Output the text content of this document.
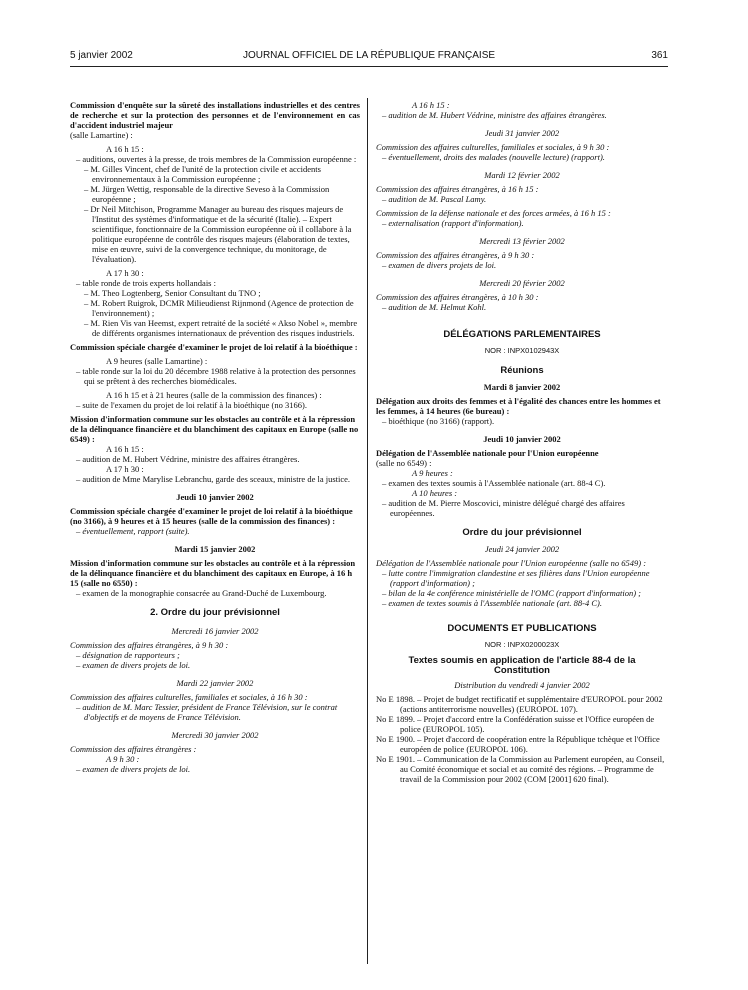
5 janvier 2002	JOURNAL OFFICIEL DE LA RÉPUBLIQUE FRANÇAISE	361

Commission d'enquête sur la sûreté des installations industrielles et des centres de recherche et sur la protection des personnes et de l'environnement en cas d'accident industriel majeur

(salle Lamartine) :

A 16 h 15 :

– auditions, ouvertes à la presse, de trois membres de la Commission européenne :

– M. Gilles Vincent, chef de l'unité de la protection civile et accidents environnementaux à la Commission européenne ;

– M. Jürgen Wettig, responsable de la directive Seveso à la Commission européenne ;

– Dr Neil Mitchison, Programme Manager au bureau des risques majeurs de l'Institut des systèmes d'informatique et de la sécurité (Italie). – Expert scientifique, fonctionnaire de la Commission européenne où il collabore à la politique européenne de contrôle des risques majeurs (élaboration de textes, mise en œuvre, suivi de la convergence technique, du monitorage, de l'évaluation).

A 17 h 30 :

– table ronde de trois experts hollandais :

– M. Theo Logtenberg, Senior Consultant du TNO ;

– M. Robert Ruigrok, DCMR Milieudienst Rijnmond (Agence de protection de l'environnement) ;

– M. Rien Vis van Heemst, expert retraité de la société « Akso Nobel », membre de différents organismes internationaux de prévention des risques industriels.

Commission spéciale chargée d'examiner le projet de loi relatif à la bioéthique :

A 9 heures (salle Lamartine) :

– table ronde sur la loi du 20 décembre 1988 relative à la protection des personnes qui se prêtent à des recherches biomédicales.

A 16 h 15 et à 21 heures (salle de la commission des finances) :

– suite de l'examen du projet de loi relatif à la bioéthique (no 3166).

Mission d'information commune sur les obstacles au contrôle et à la répression de la délinquance financière et du blanchiment des capitaux en Europe (salle no 6549) :

A 16 h 15 :

– audition de M. Hubert Védrine, ministre des affaires étrangères.

A 17 h 30 :

– audition de Mme Marylise Lebranchu, garde des sceaux, ministre de la justice.

Jeudi 10 janvier 2002

Commission spéciale chargée d'examiner le projet de loi relatif à la bioéthique (no 3166), à 9 heures et à 15 heures (salle de la commission des finances) :

– éventuellement, rapport (suite).

Mardi 15 janvier 2002

Mission d'information commune sur les obstacles au contrôle et à la répression de la délinquance financière et du blanchiment des capitaux en Europe, à 16 h 15 (salle no 6550) :

– examen de la monographie consacrée au Grand-Duché de Luxembourg.

2. Ordre du jour prévisionnel

Mercredi 16 janvier 2002

Commission des affaires étrangères, à 9 h 30 :

– désignation de rapporteurs ;

– examen de divers projets de loi.

Mardi 22 janvier 2002

Commission des affaires culturelles, familiales et sociales, à 16 h 30 :

– audition de M. Marc Tessier, président de France Télévision, sur le contrat d'objectifs et de moyens de France Télévision.

Mercredi 30 janvier 2002

Commission des affaires étrangères :

A 9 h 30 :

– examen de divers projets de loi.

A 16 h 15 :

– audition de M. Hubert Védrine, ministre des affaires étrangères.

Jeudi 31 janvier 2002

Commission des affaires culturelles, familiales et sociales, à 9 h 30 :

– éventuellement, droits des malades (nouvelle lecture) (rapport).

Mardi 12 février 2002

Commission des affaires étrangères, à 16 h 15 :

– audition de M. Pascal Lamy.

Commission de la défense nationale et des forces armées, à 16 h 15 :

– externalisation (rapport d'information).

Mercredi 13 février 2002

Commission des affaires étrangères, à 9 h 30 :

– examen de divers projets de loi.

Mercredi 20 février 2002

Commission des affaires étrangères, à 10 h 30 :

– audition de M. Helmut Kohl.

DÉLÉGATIONS PARLEMENTAIRES

NOR : INPX0102943X

Réunions

Mardi 8 janvier 2002

Délégation aux droits des femmes et à l'égalité des chances entre les hommes et les femmes, à 14 heures (6e bureau) :

– bioéthique (no 3166) (rapport).

Jeudi 10 janvier 2002

Délégation de l'Assemblée nationale pour l'Union européenne

(salle no 6549) :

A 9 heures :

– examen des textes soumis à l'Assemblée nationale (art. 88-4 C).

A 10 heures :

– audition de M. Pierre Moscovici, ministre délégué chargé des affaires européennes.

Ordre du jour prévisionnel

Jeudi 24 janvier 2002

Délégation de l'Assemblée nationale pour l'Union européenne (salle no 6549) :

– lutte contre l'immigration clandestine et ses filières dans l'Union européenne (rapport d'information) ;

– bilan de la 4e conférence ministérielle de l'OMC (rapport d'information) ;

– examen de textes soumis à l'Assemblée nationale (art. 88-4 C).

DOCUMENTS ET PUBLICATIONS

NOR : INPX0200023X

Textes soumis en application de l'article 88-4 de la Constitution

Distribution du vendredi 4 janvier 2002

No E 1898. – Projet de budget rectificatif et supplémentaire d'EUROPOL pour 2002 (actions antiterrorisme nouvelles) (EUROPOL 107).

No E 1899. – Projet d'accord entre la Confédération suisse et l'Office européen de police (EUROPOL 105).

No E 1900. – Projet d'accord de coopération entre la République tchèque et l'Office européen de police (EUROPOL 106).

No E 1901. – Communication de la Commission au Parlement européen, au Conseil, au Comité économique et social et au comité des régions. – Programme de travail de la Commission pour 2002 (COM [2001] 620 final).
